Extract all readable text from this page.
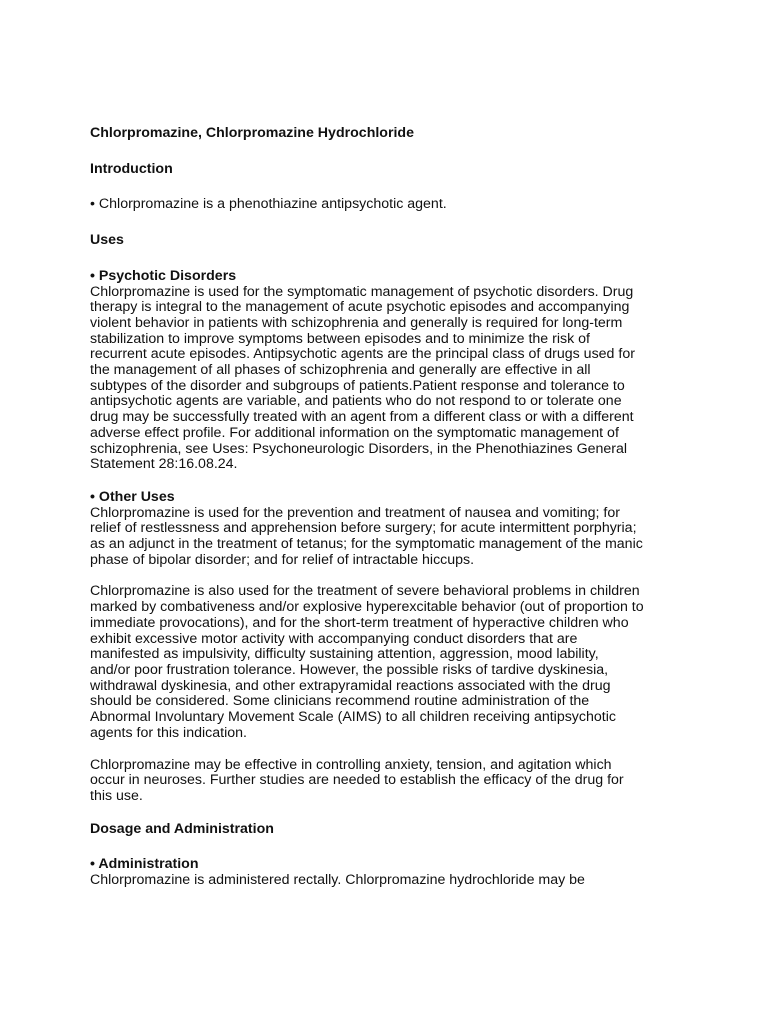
Chlorpromazine, Chlorpromazine Hydrochloride
Introduction
• Chlorpromazine is a phenothiazine antipsychotic agent.
Uses
• Psychotic Disorders
Chlorpromazine is used for the symptomatic management of psychotic disorders. Drug
therapy is integral to the management of acute psychotic episodes and accompanying
violent behavior in patients with schizophrenia and generally is required for long-term
stabilization to improve symptoms between episodes and to minimize the risk of
recurrent acute episodes. Antipsychotic agents are the principal class of drugs used for
the management of all phases of schizophrenia and generally are effective in all
subtypes of the disorder and subgroups of patients.Patient response and tolerance to
antipsychotic agents are variable, and patients who do not respond to or tolerate one
drug may be successfully treated with an agent from a different class or with a different
adverse effect profile. For additional information on the symptomatic management of
schizophrenia, see Uses: Psychoneurologic Disorders, in the Phenothiazines General
Statement 28:16.08.24.
• Other Uses
Chlorpromazine is used for the prevention and treatment of nausea and vomiting; for
relief of restlessness and apprehension before surgery; for acute intermittent porphyria;
as an adjunct in the treatment of tetanus; for the symptomatic management of the manic
phase of bipolar disorder; and for relief of intractable hiccups.
Chlorpromazine is also used for the treatment of severe behavioral problems in children
marked by combativeness and/or explosive hyperexcitable behavior (out of proportion to
immediate provocations), and for the short-term treatment of hyperactive children who
exhibit excessive motor activity with accompanying conduct disorders that are
manifested as impulsivity, difficulty sustaining attention, aggression, mood lability,
and/or poor frustration tolerance. However, the possible risks of tardive dyskinesia,
withdrawal dyskinesia, and other extrapyramidal reactions associated with the drug
should be considered. Some clinicians recommend routine administration of the
Abnormal Involuntary Movement Scale (AIMS) to all children receiving antipsychotic
agents for this indication.
Chlorpromazine may be effective in controlling anxiety, tension, and agitation which
occur in neuroses. Further studies are needed to establish the efficacy of the drug for
this use.
Dosage and Administration
• Administration
Chlorpromazine is administered rectally. Chlorpromazine hydrochloride may be
